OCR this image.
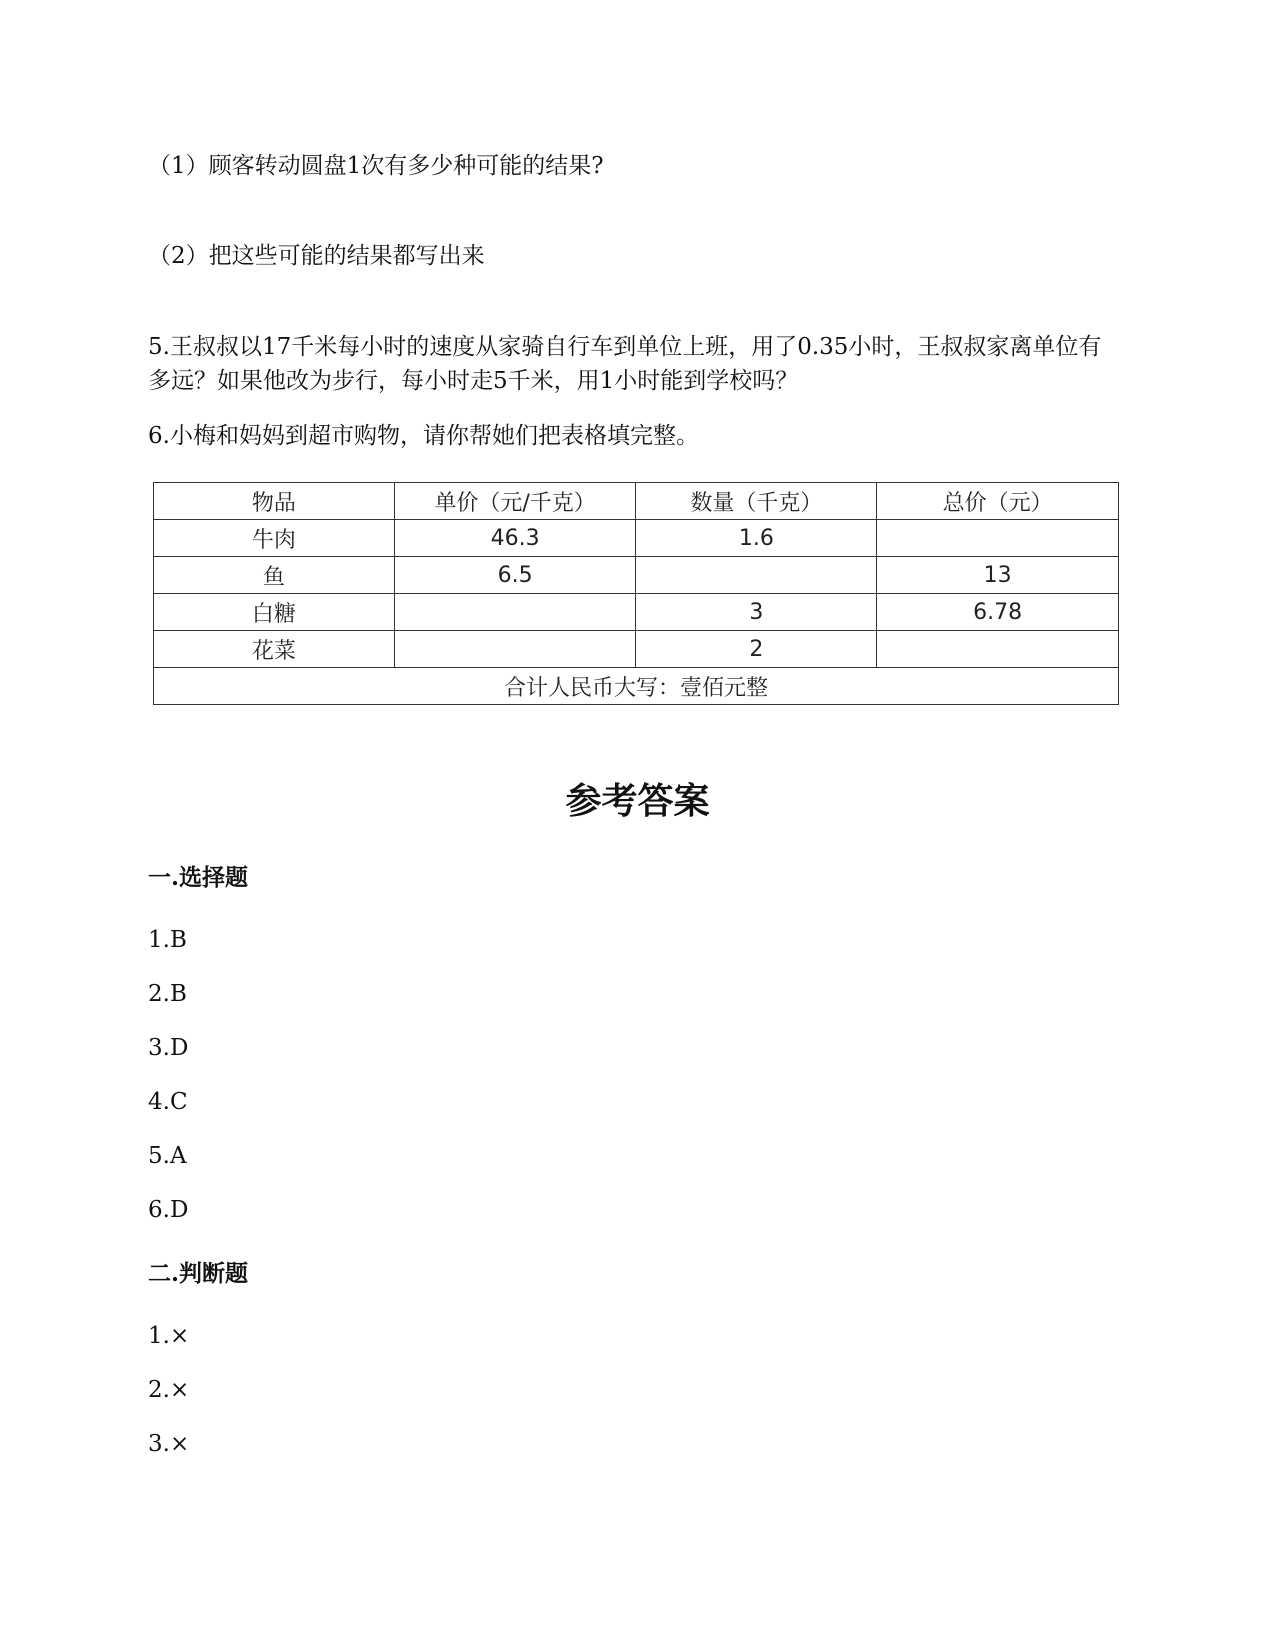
（1）顾客转动圆盘1次有多少种可能的结果?
（2）把这些可能的结果都写出来
5.王叔叔以17千米每小时的速度从家骑自行车到单位上班，用了0.35小时，王叔叔家离单位有多远？如果他改为步行，每小时走5千米，用1小时能到学校吗？
6.小梅和妈妈到超市购物，请你帮她们把表格填完整。
物品	单价（元/千克）	数量（千克）	总价（元）
牛肉	46.3	1.6	
鱼	6.5		13
白糖		3	6.78
花菜		2	
合计人民币大写：壹佰元整			
参考答案
一.选择题
1.B
2.B
3.D
4.C
5.A
6.D
二.判断题
1.×
2.×
3.×
